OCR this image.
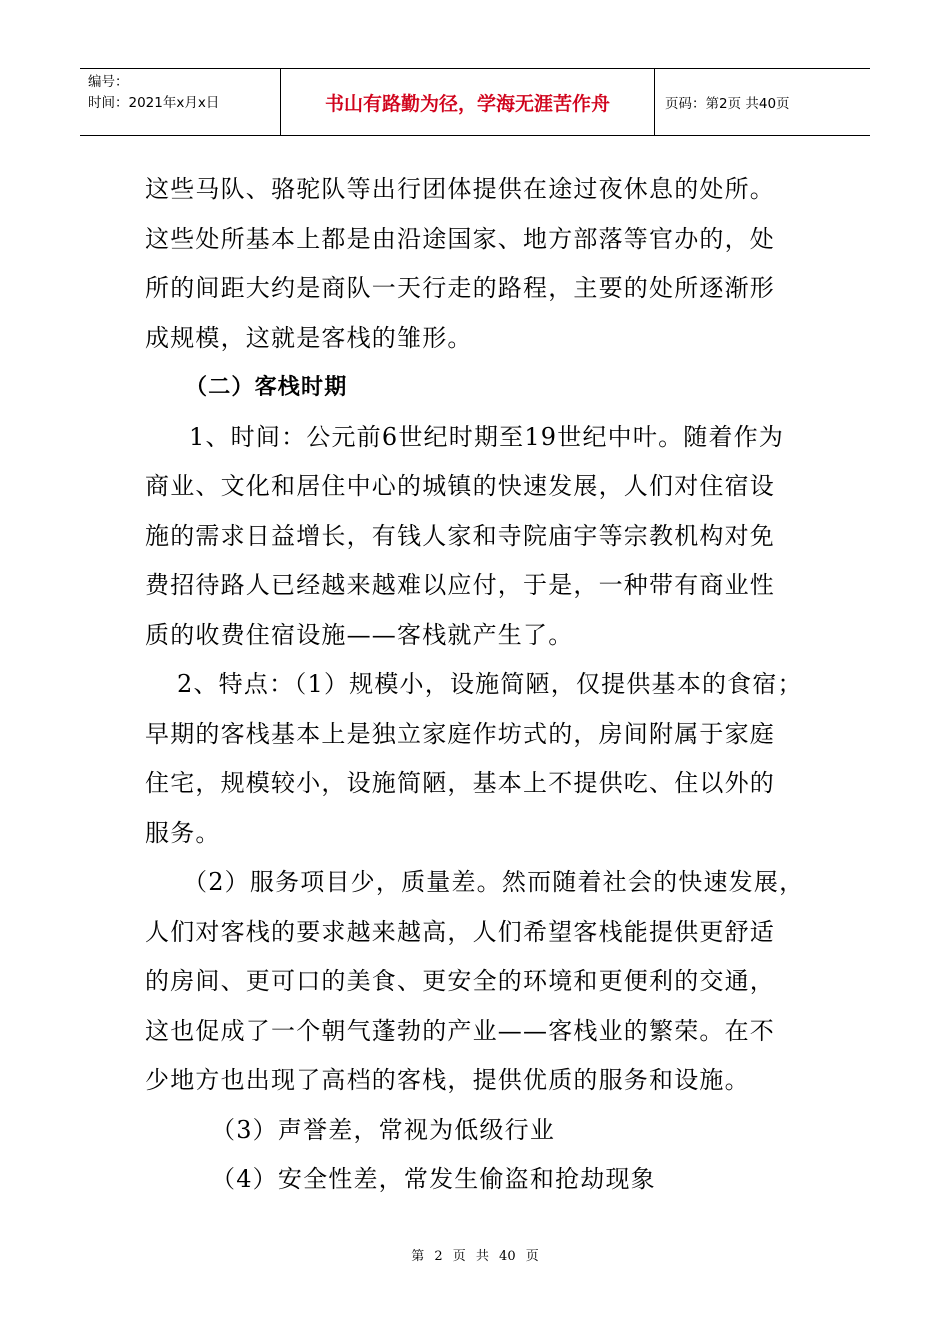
编号：
时间：2021年x月x日	书山有路勤为径，学海无涯苦作舟	页码：第2页 共40页
这些马队、骆驼队等出行团体提供在途过夜休息的处所。
这些处所基本上都是由沿途国家、地方部落等官办的，处
所的间距大约是商队一天行走的路程，主要的处所逐渐形
成规模，这就是客栈的雏形。
（二）客栈时期
1、时间：公元前6世纪时期至19世纪中叶。随着作为
商业、文化和居住中心的城镇的快速发展，人们对住宿设
施的需求日益增长，有钱人家和寺院庙宇等宗教机构对免
费招待路人已经越来越难以应付，于是，一种带有商业性
质的收费住宿设施——客栈就产生了。
2、特点：（1）规模小，设施简陋，仅提供基本的食宿；
早期的客栈基本上是独立家庭作坊式的，房间附属于家庭
住宅，规模较小，设施简陋，基本上不提供吃、住以外的
服务。
（2）服务项目少，质量差。然而随着社会的快速发展，
人们对客栈的要求越来越高，人们希望客栈能提供更舒适
的房间、更可口的美食、更安全的环境和更便利的交通，
这也促成了一个朝气蓬勃的产业——客栈业的繁荣。在不
少地方也出现了高档的客栈，提供优质的服务和设施。
（3）声誉差，常视为低级行业
（4）安全性差，常发生偷盗和抢劫现象
第 2 页 共 40 页
